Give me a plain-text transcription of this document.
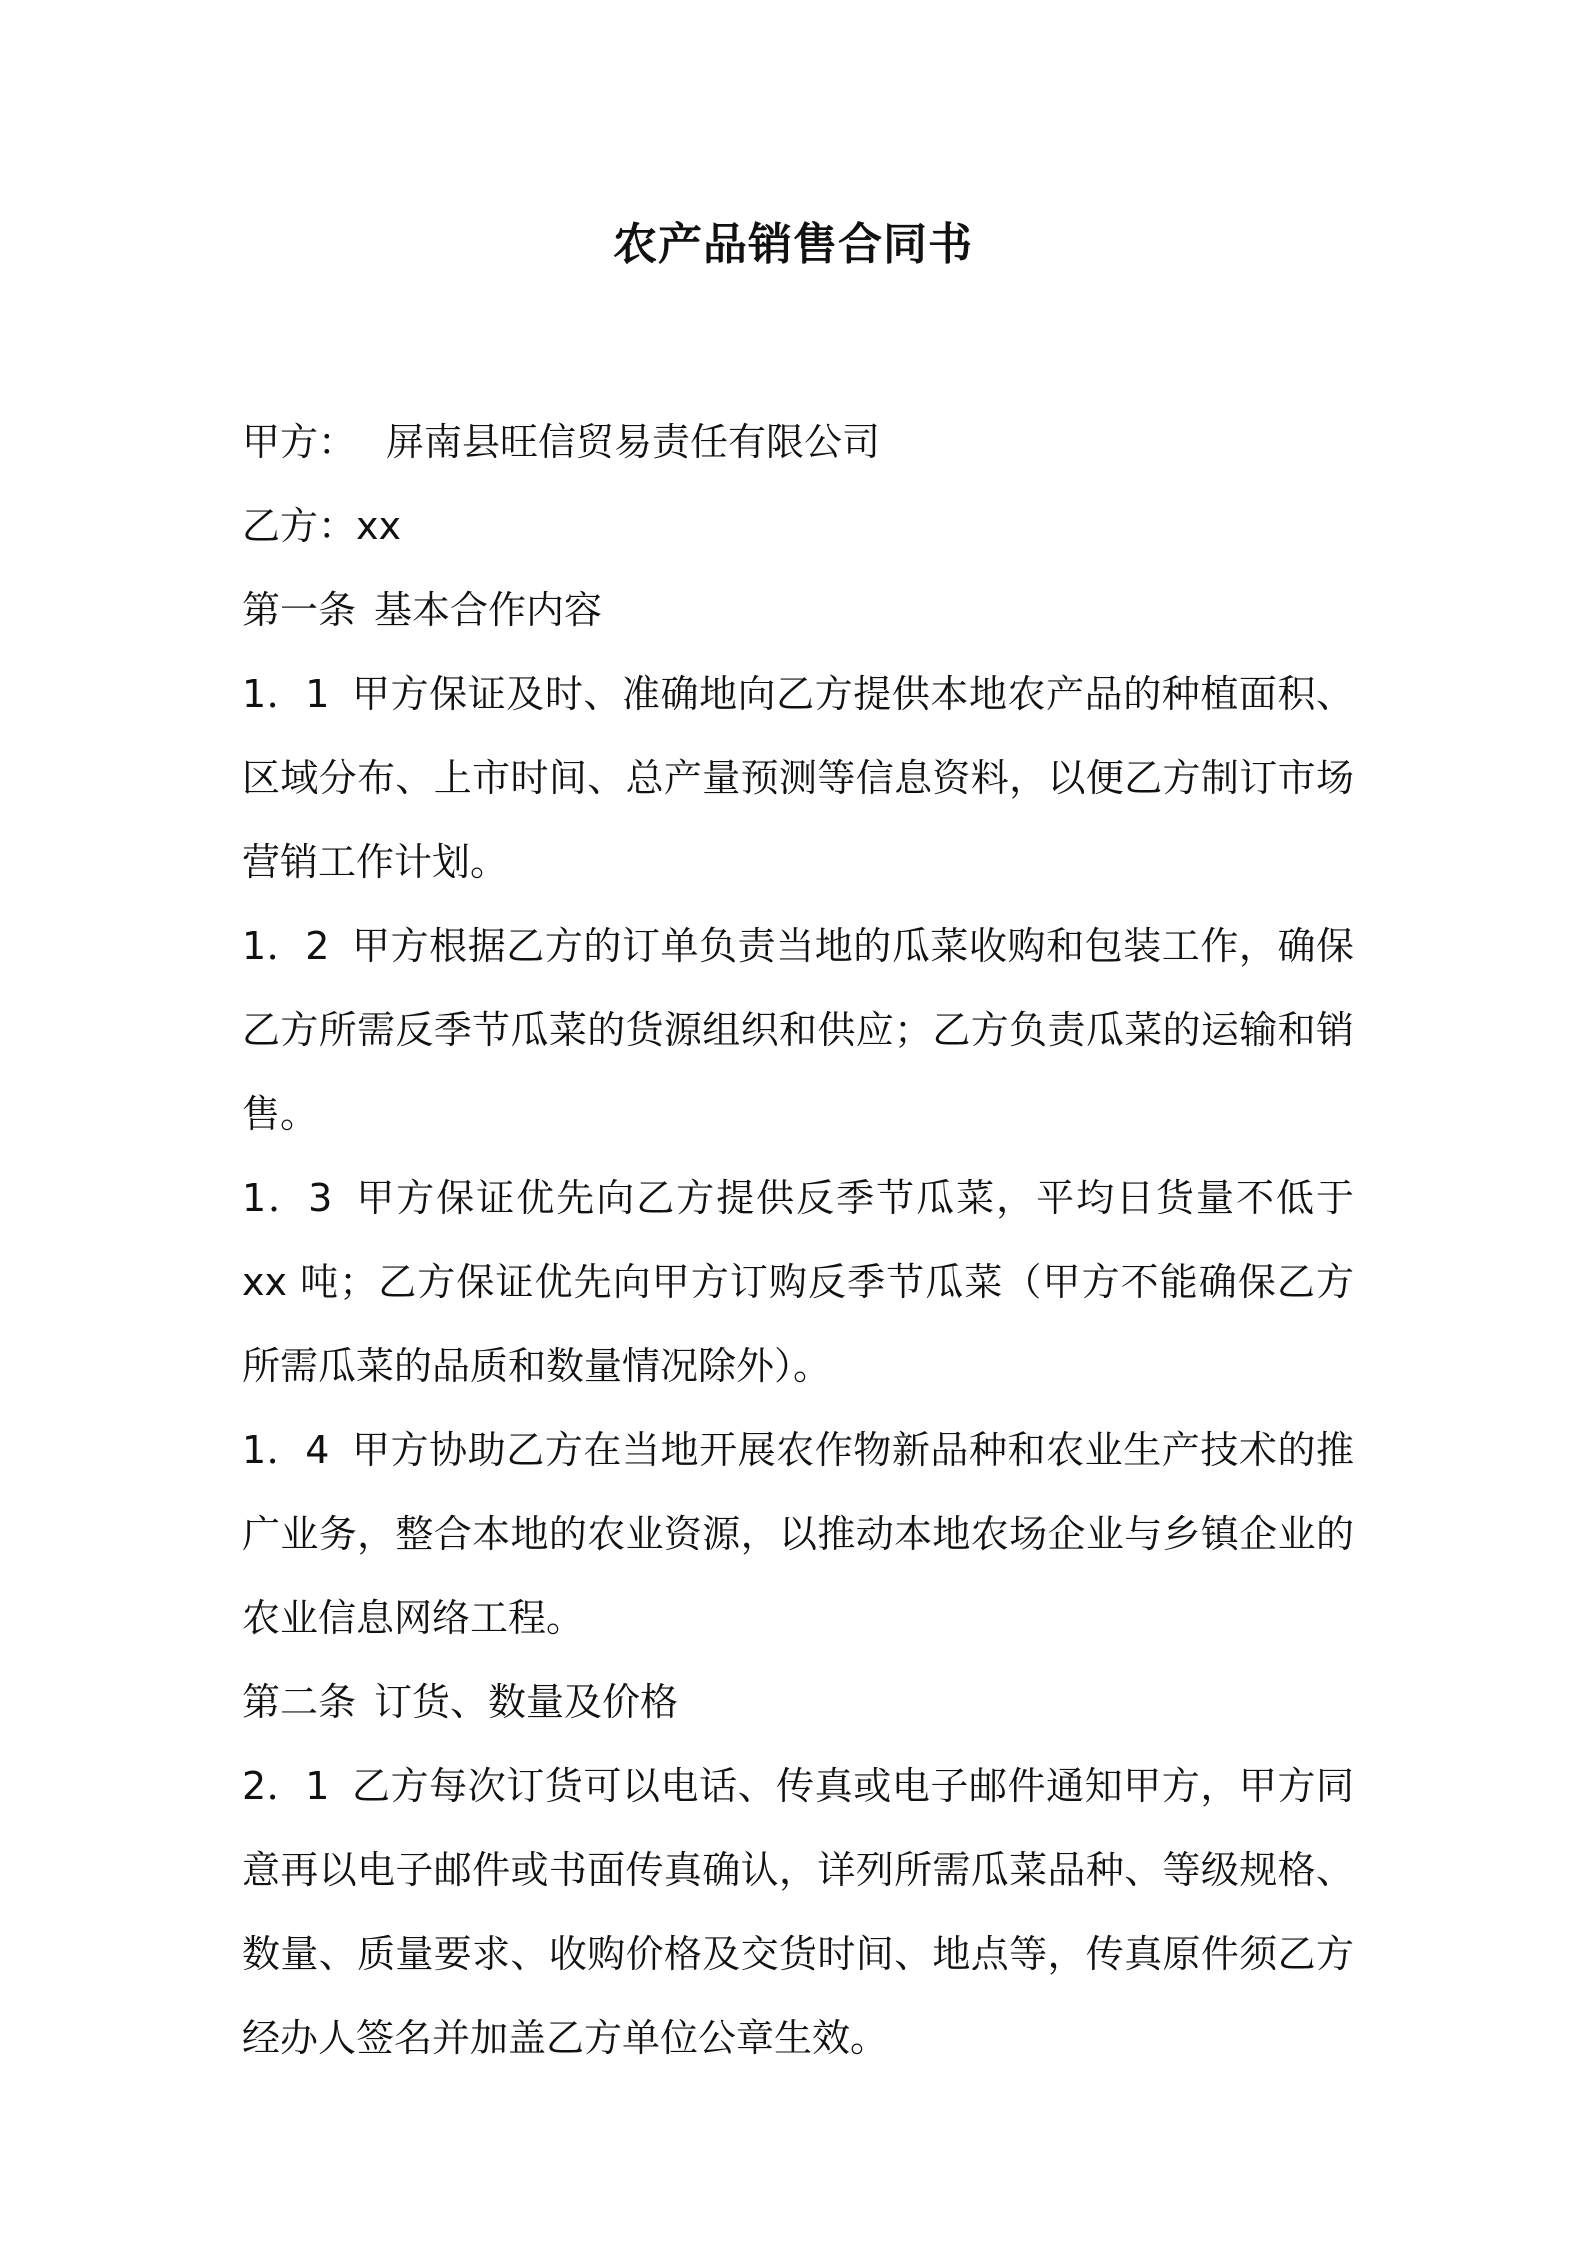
农产品销售合同书

甲方： 屏南县旺信贸易责任有限公司

乙方：xx

第一条 基本合作内容

1．1 甲方保证及时、准确地向乙方提供本地农产品的种植面积、区域分布、上市时间、总产量预测等信息资料，以便乙方制订市场营销工作计划。

1．2 甲方根据乙方的订单负责当地的瓜菜收购和包装工作，确保乙方所需反季节瓜菜的货源组织和供应；乙方负责瓜菜的运输和销售。

1．3 甲方保证优先向乙方提供反季节瓜菜，平均日货量不低于 xx 吨；乙方保证优先向甲方订购反季节瓜菜（甲方不能确保乙方所需瓜菜的品质和数量情况除外）。

1．4 甲方协助乙方在当地开展农作物新品种和农业生产技术的推广业务，整合本地的农业资源，以推动本地农场企业与乡镇企业的农业信息网络工程。

第二条 订货、数量及价格

2．1 乙方每次订货可以电话、传真或电子邮件通知甲方，甲方同意再以电子邮件或书面传真确认，详列所需瓜菜品种、等级规格、数量、质量要求、收购价格及交货时间、地点等，传真原件须乙方经办人签名并加盖乙方单位公章生效。
